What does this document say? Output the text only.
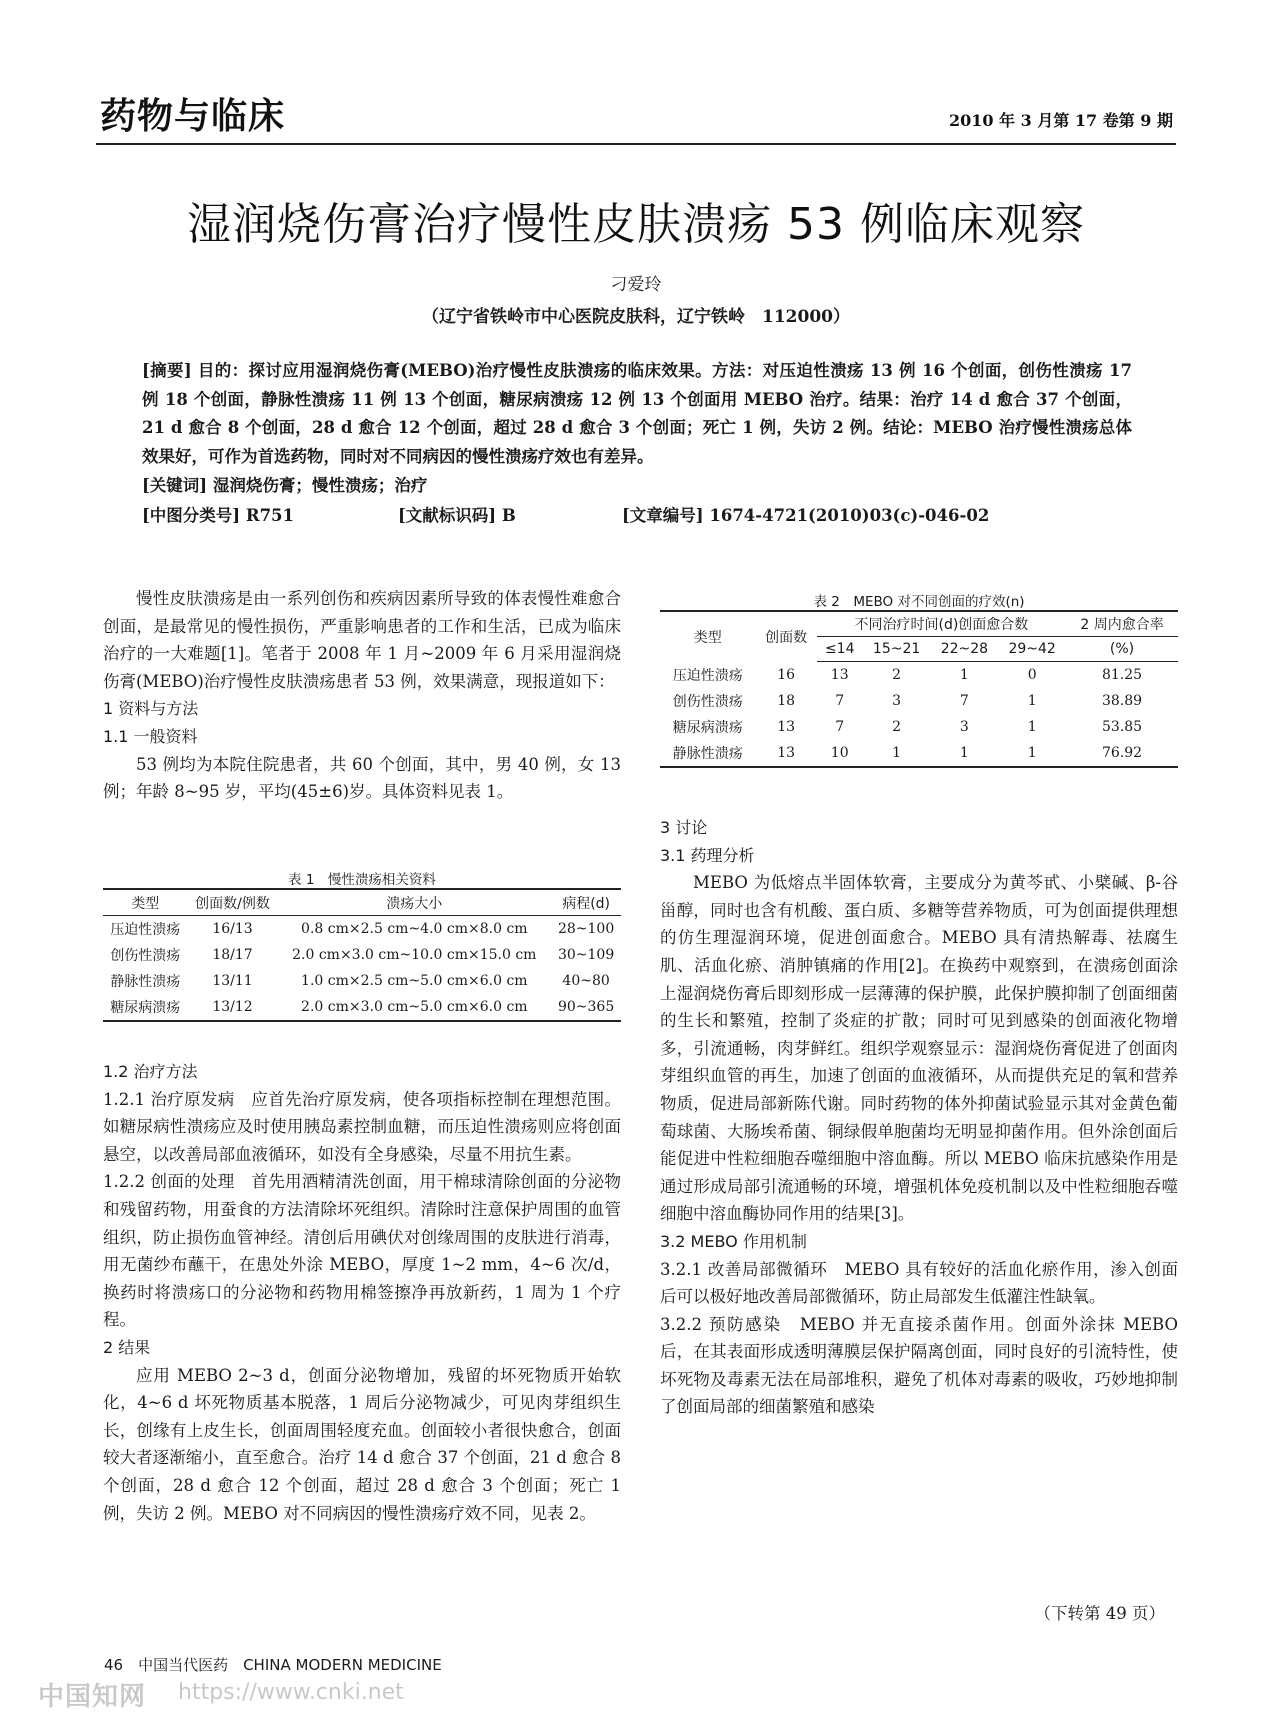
药物与临床	2010 年 3 月第 17 卷第 9 期
湿润烧伤膏治疗慢性皮肤溃疡 53 例临床观察
刁爱玲
（辽宁省铁岭市中心医院皮肤科，辽宁铁岭　112000）
[摘要] 目的：探讨应用湿润烧伤膏(MEBO)治疗慢性皮肤溃疡的临床效果。方法：对压迫性溃疡 13 例 16 个创面，创伤性溃疡 17 例 18 个创面，静脉性溃疡 11 例 13 个创面，糖尿病溃疡 12 例 13 个创面用 MEBO 治疗。结果：治疗 14 d 愈合 37 个创面，21 d 愈合 8 个创面，28 d 愈合 12 个创面，超过 28 d 愈合 3 个创面；死亡 1 例，失访 2 例。结论：MEBO 治疗慢性溃疡总体效果好，可作为首选药物，同时对不同病因的慢性溃疡疗效也有差异。
[关键词] 湿润烧伤膏；慢性溃疡；治疗
[中图分类号] R751	[文献标识码] B	[文章编号] 1674-4721(2010)03(c)-046-02

慢性皮肤溃疡是由一系列创伤和疾病因素所导致的体表慢性难愈合创面，是最常见的慢性损伤，严重影响患者的工作和生活，已成为临床治疗的一大难题[1]。笔者于 2008 年 1 月~2009 年 6 月采用湿润烧伤膏(MEBO)治疗慢性皮肤溃疡患者 53 例，效果满意，现报道如下：

1 资料与方法

1.1 一般资料

53 例均为本院住院患者，共 60 个创面，其中，男 40 例，女 13 例；年龄 8~95 岁，平均(45±6)岁。具体资料见表 1。

表 1　慢性溃疡相关资料
类型	创面数/例数	溃疡大小	病程(d)
压迫性溃疡	16/13	0.8 cm×2.5 cm~4.0 cm×8.0 cm	28~100
创伤性溃疡	18/17	2.0 cm×3.0 cm~10.0 cm×15.0 cm	30~109
静脉性溃疡	13/11	1.0 cm×2.5 cm~5.0 cm×6.0 cm	40~80
糖尿病溃疡	13/12	2.0 cm×3.0 cm~5.0 cm×6.0 cm	90~365

1.2 治疗方法

1.2.1 治疗原发病　应首先治疗原发病，使各项指标控制在理想范围。如糖尿病性溃疡应及时使用胰岛素控制血糖，而压迫性溃疡则应将创面悬空，以改善局部血液循环，如没有全身感染，尽量不用抗生素。

1.2.2 创面的处理　首先用酒精清洗创面，用干棉球清除创面的分泌物和残留药物，用蚕食的方法清除坏死组织。清除时注意保护周围的血管组织，防止损伤血管神经。清创后用碘伏对创缘周围的皮肤进行消毒，用无菌纱布蘸干，在患处外涂 MEBO，厚度 1~2 mm，4~6 次/d，换药时将溃疡口的分泌物和药物用棉签擦净再放新药，1 周为 1 个疗程。

2 结果

应用 MEBO 2~3 d，创面分泌物增加，残留的坏死物质开始软化，4~6 d 坏死物质基本脱落，1 周后分泌物减少，可见肉芽组织生长，创缘有上皮生长，创面周围轻度充血。创面较小者很快愈合，创面较大者逐渐缩小，直至愈合。治疗 14 d 愈合 37 个创面，21 d 愈合 8 个创面，28 d 愈合 12 个创面，超过 28 d 愈合 3 个创面；死亡 1 例，失访 2 例。MEBO 对不同病因的慢性溃疡疗效不同，见表 2。

表 2　MEBO 对不同创面的疗效(n)
类型	创面数	不同治疗时间(d)创面愈合数				2 周内愈合率
		≤14	15~21	22~28	29~42	(%)
压迫性溃疡	16	13	2	1	0	81.25
创伤性溃疡	18	7	3	7	1	38.89
糖尿病溃疡	13	7	2	3	1	53.85
静脉性溃疡	13	10	1	1	1	76.92

3 讨论

3.1 药理分析

MEBO 为低熔点半固体软膏，主要成分为黄芩甙、小檗碱、β-谷甾醇，同时也含有机酸、蛋白质、多糖等营养物质，可为创面提供理想的仿生理湿润环境，促进创面愈合。MEBO 具有清热解毒、祛腐生肌、活血化瘀、消肿镇痛的作用[2]。在换药中观察到，在溃疡创面涂上湿润烧伤膏后即刻形成一层薄薄的保护膜，此保护膜抑制了创面细菌的生长和繁殖，控制了炎症的扩散；同时可见到感染的创面液化物增多，引流通畅，肉芽鲜红。组织学观察显示：湿润烧伤膏促进了创面肉芽组织血管的再生，加速了创面的血液循环，从而提供充足的氧和营养物质，促进局部新陈代谢。同时药物的体外抑菌试验显示其对金黄色葡萄球菌、大肠埃希菌、铜绿假单胞菌均无明显抑菌作用。但外涂创面后能促进中性粒细胞吞噬细胞中溶血酶。所以 MEBO 临床抗感染作用是通过形成局部引流通畅的环境，增强机体免疫机制以及中性粒细胞吞噬细胞中溶血酶协同作用的结果[3]。

3.2 MEBO 作用机制

3.2.1 改善局部微循环　MEBO 具有较好的活血化瘀作用，渗入创面后可以极好地改善局部微循环，防止局部发生低灌注性缺氧。

3.2.2 预防感染　MEBO 并无直接杀菌作用。创面外涂抹 MEBO 后，在其表面形成透明薄膜层保护隔离创面，同时良好的引流特性，使坏死物及毒素无法在局部堆积，避免了机体对毒素的吸收，巧妙地抑制了创面局部的细菌繁殖和感染

（下转第 49 页）
46　中国当代医药　CHINA MODERN MEDICINE
中国知网 https://www.cnki.net
